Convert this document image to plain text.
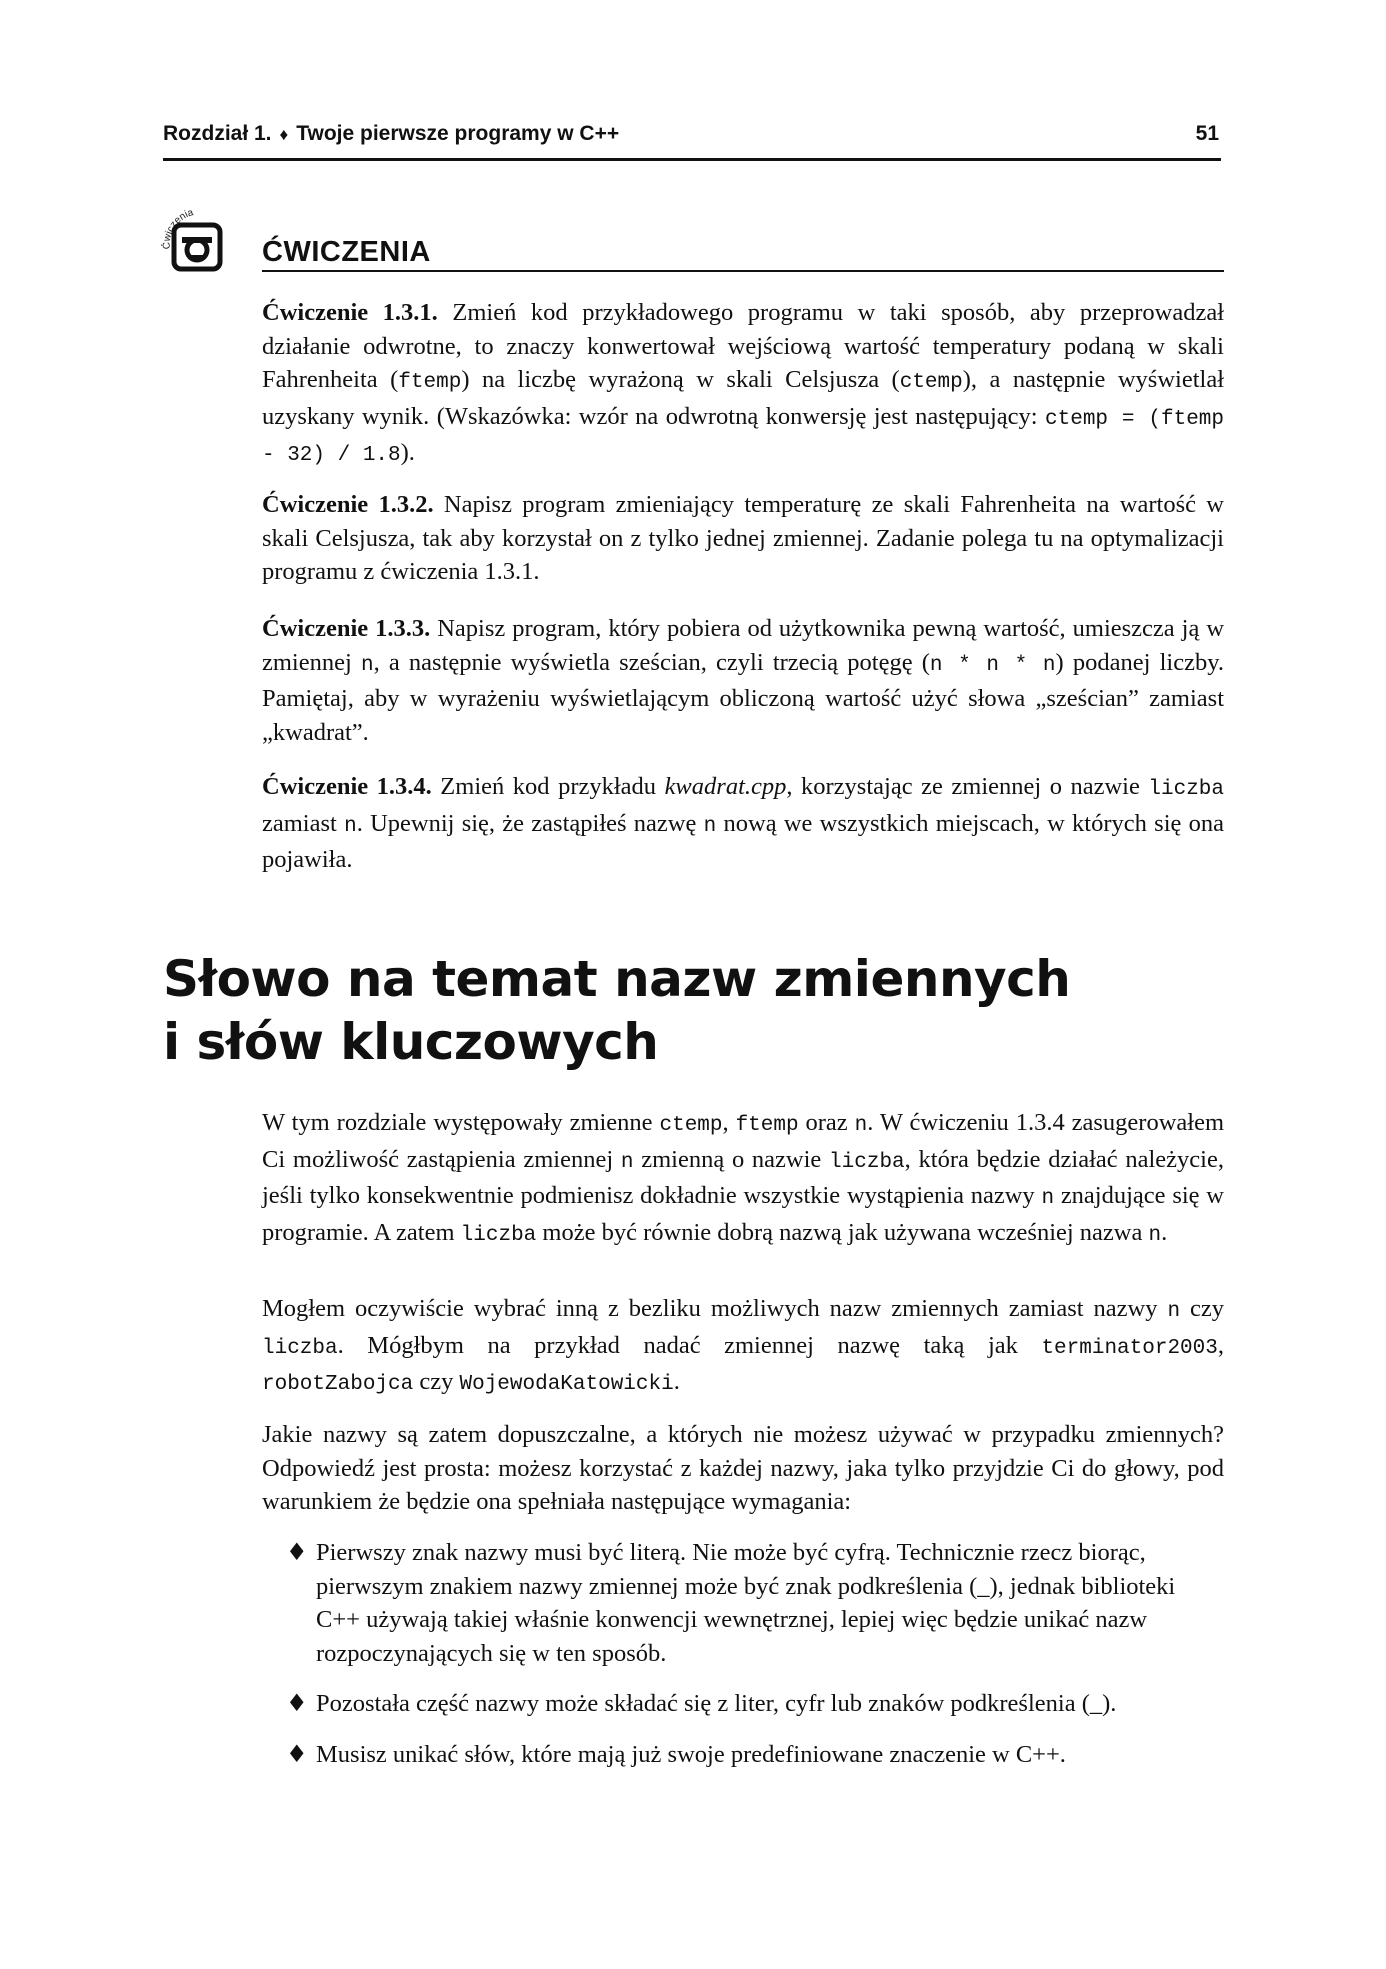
Rozdział 1. ♦ Twoje pierwsze programy w C++	51
Ćwiczenia
ĆWICZENIA

Ćwiczenie 1.3.1. Zmień kod przykładowego programu w taki sposób, aby przeprowadzał działanie odwrotne, to znaczy konwertował wejściową wartość temperatury podaną w skali Fahrenheita (ftemp) na liczbę wyrażoną w skali Celsjusza (ctemp), a następnie wyświetlał uzyskany wynik. (Wskazówka: wzór na odwrotną konwersję jest następujący: ctemp = (ftemp - 32) / 1.8).

Ćwiczenie 1.3.2. Napisz program zmieniający temperaturę ze skali Fahrenheita na wartość w skali Celsjusza, tak aby korzystał on z tylko jednej zmiennej. Zadanie polega tu na optymalizacji programu z ćwiczenia 1.3.1.

Ćwiczenie 1.3.3. Napisz program, który pobiera od użytkownika pewną wartość, umieszcza ją w zmiennej n, a następnie wyświetla sześcian, czyli trzecią potęgę (n * n * n) podanej liczby. Pamiętaj, aby w wyrażeniu wyświetlającym obliczoną wartość użyć słowa „sześcian” zamiast „kwadrat”.

Ćwiczenie 1.3.4. Zmień kod przykładu kwadrat.cpp, korzystając ze zmiennej o nazwie liczba zamiast n. Upewnij się, że zastąpiłeś nazwę n nową we wszystkich miejscach, w których się ona pojawiła.

Słowo na temat nazw zmiennych
i słów kluczowych

W tym rozdziale występowały zmienne ctemp, ftemp oraz n. W ćwiczeniu 1.3.4 zasugerowałem Ci możliwość zastąpienia zmiennej n zmienną o nazwie liczba, która będzie działać należycie, jeśli tylko konsekwentnie podmienisz dokładnie wszystkie wystąpienia nazwy n znajdujące się w programie. A zatem liczba może być równie dobrą nazwą jak używana wcześniej nazwa n.

Mogłem oczywiście wybrać inną z bezliku możliwych nazw zmiennych zamiast nazwy n czy liczba. Mógłbym na przykład nadać zmiennej nazwę taką jak terminator2003, robotZabojca czy WojewodaKatowicki.

Jakie nazwy są zatem dopuszczalne, a których nie możesz używać w przypadku zmiennych? Odpowiedź jest prosta: możesz korzystać z każdej nazwy, jaka tylko przyjdzie Ci do głowy, pod warunkiem że będzie ona spełniała następujące wymagania:

♦ Pierwszy znak nazwy musi być literą. Nie może być cyfrą. Technicznie rzecz biorąc, pierwszym znakiem nazwy zmiennej może być znak podkreślenia (_), jednak biblioteki C++ używają takiej właśnie konwencji wewnętrznej, lepiej więc będzie unikać nazw rozpoczynających się w ten sposób.
♦ Pozostała część nazwy może składać się z liter, cyfr lub znaków podkreślenia (_).
♦ Musisz unikać słów, które mają już swoje predefiniowane znaczenie w C++.
